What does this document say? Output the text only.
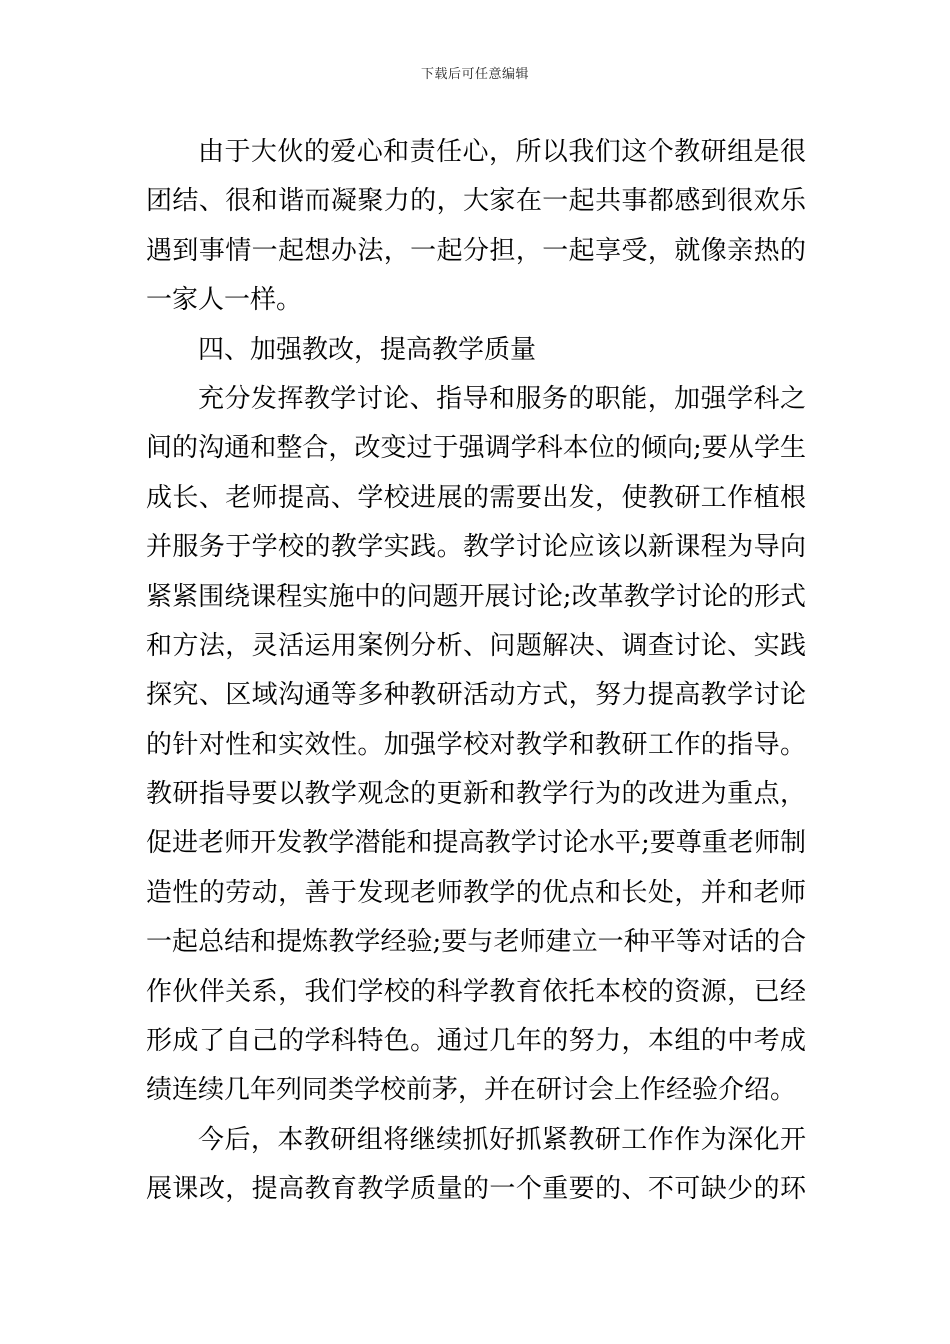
下载后可任意编辑
由于大伙的爱心和责任心，所以我们这个教研组是很
团结、很和谐而凝聚力的，大家在一起共事都感到很欢乐
遇到事情一起想办法，一起分担，一起享受，就像亲热的
一家人一样。
四、加强教改，提高教学质量
充分发挥教学讨论、指导和服务的职能，加强学科之
间的沟通和整合，改变过于强调学科本位的倾向;要从学生
成长、老师提高、学校进展的需要出发，使教研工作植根
并服务于学校的教学实践。教学讨论应该以新课程为导向
紧紧围绕课程实施中的问题开展讨论;改革教学讨论的形式
和方法，灵活运用案例分析、问题解决、调查讨论、实践
探究、区域沟通等多种教研活动方式，努力提高教学讨论
的针对性和实效性。加强学校对教学和教研工作的指导。
教研指导要以教学观念的更新和教学行为的改进为重点，
促进老师开发教学潜能和提高教学讨论水平;要尊重老师制
造性的劳动，善于发现老师教学的优点和长处，并和老师
一起总结和提炼教学经验;要与老师建立一种平等对话的合
作伙伴关系，我们学校的科学教育依托本校的资源，已经
形成了自己的学科特色。通过几年的努力，本组的中考成
绩连续几年列同类学校前茅，并在研讨会上作经验介绍。
今后，本教研组将继续抓好抓紧教研工作作为深化开
展课改，提高教育教学质量的一个重要的、不可缺少的环
